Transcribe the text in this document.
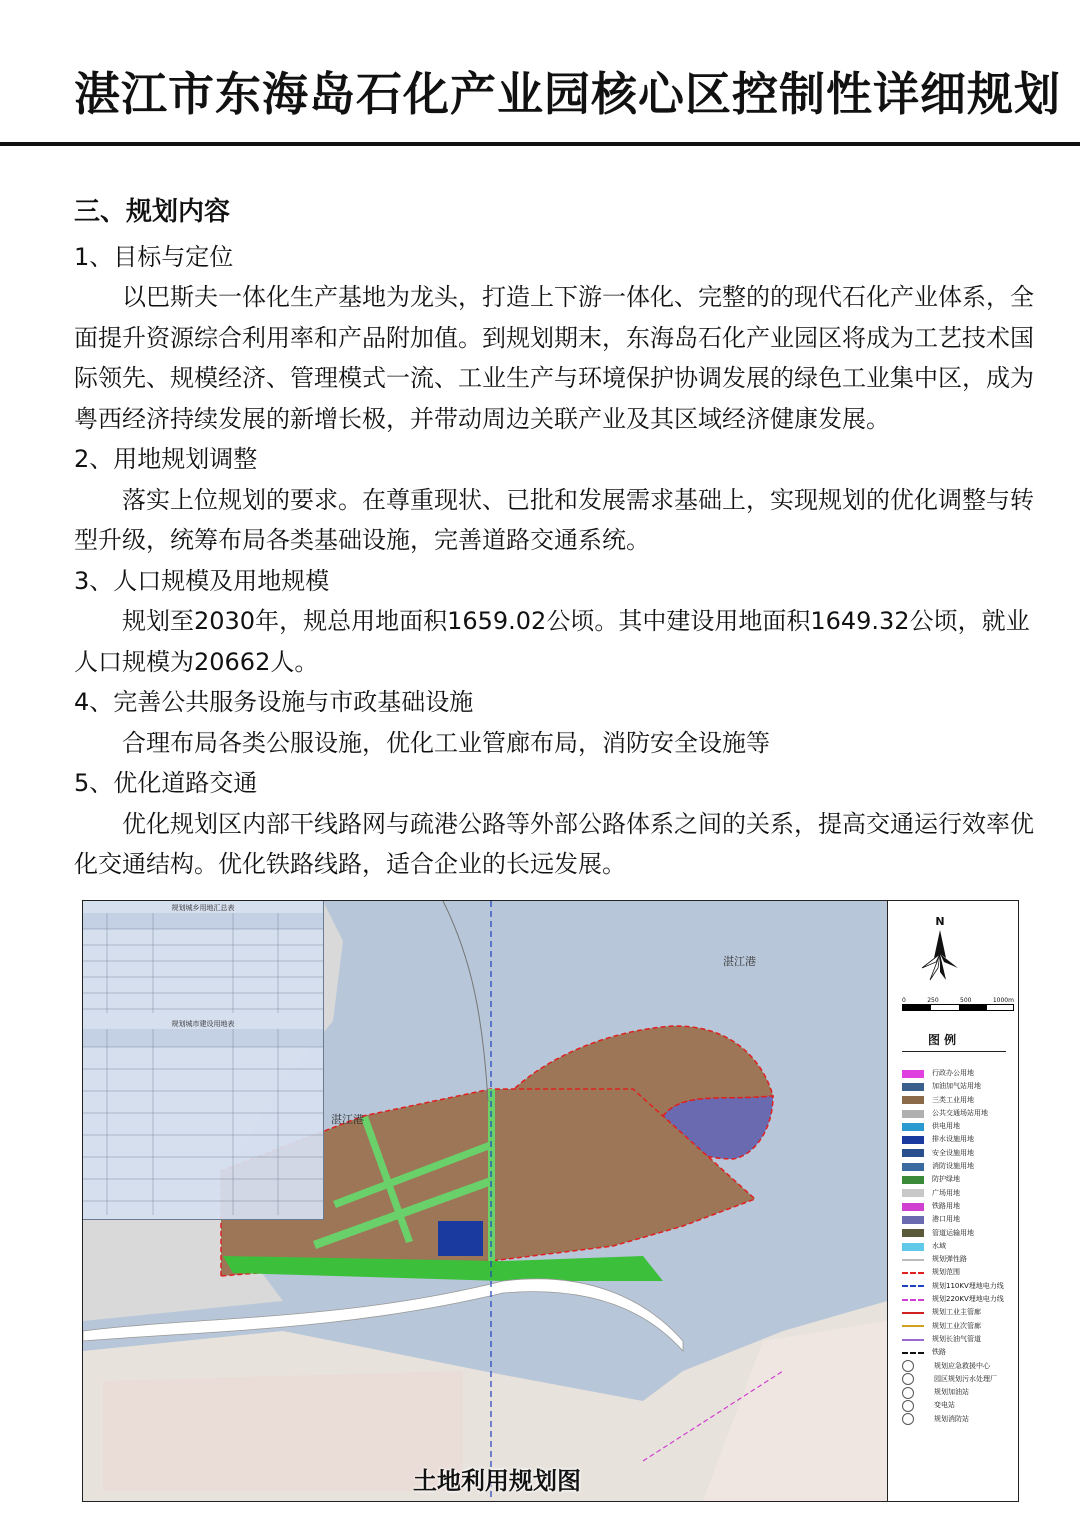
湛江市东海岛石化产业园核心区控制性详细规划
三、规划内容

1、目标与定位

以巴斯夫一体化生产基地为龙头，打造上下游一体化、完整的的现代石化产业体系，全面提升资源综合利用率和产品附加值。到规划期末，东海岛石化产业园区将成为工艺技术国际领先、规模经济、管理模式一流、工业生产与环境保护协调发展的绿色工业集中区，成为粤西经济持续发展的新增长极，并带动周边关联产业及其区域经济健康发展。

2、用地规划调整

落实上位规划的要求。在尊重现状、已批和发展需求基础上，实现规划的优化调整与转型升级，统筹布局各类基础设施，完善道路交通系统。

3、人口规模及用地规模

规划至2030年，规总用地面积1659.02公顷。其中建设用地面积1649.32公顷，就业人口规模为20662人。

4、完善公共服务设施与市政基础设施

合理布局各类公服设施，优化工业管廊布局，消防安全设施等

5、优化道路交通

优化规划区内部干线路网与疏港公路等外部公路体系之间的关系，提高交通运行效率优化交通结构。优化铁路线路，适合企业的长远发展。

湛江港
湛江港
规划城乡用地汇总表
规划城市建设用地表
土地利用规划图
N
0	250	500	1000m
图 例
行政办公用地
加油加气站用地
三类工业用地
公共交通场站用地
供电用地
排水设施用地
安全设施用地
消防设施用地
防护绿地
广场用地
铁路用地
港口用地
管道运输用地
水域
规划弹性路
规划范围
规划110KV埋地电力线
规划220KV埋地电力线
规划工业主管廊
规划工业次管廊
规划长油气管道
铁路
规划应急救援中心
园区规划污水处理厂
规划加油站
变电站
规划消防站
